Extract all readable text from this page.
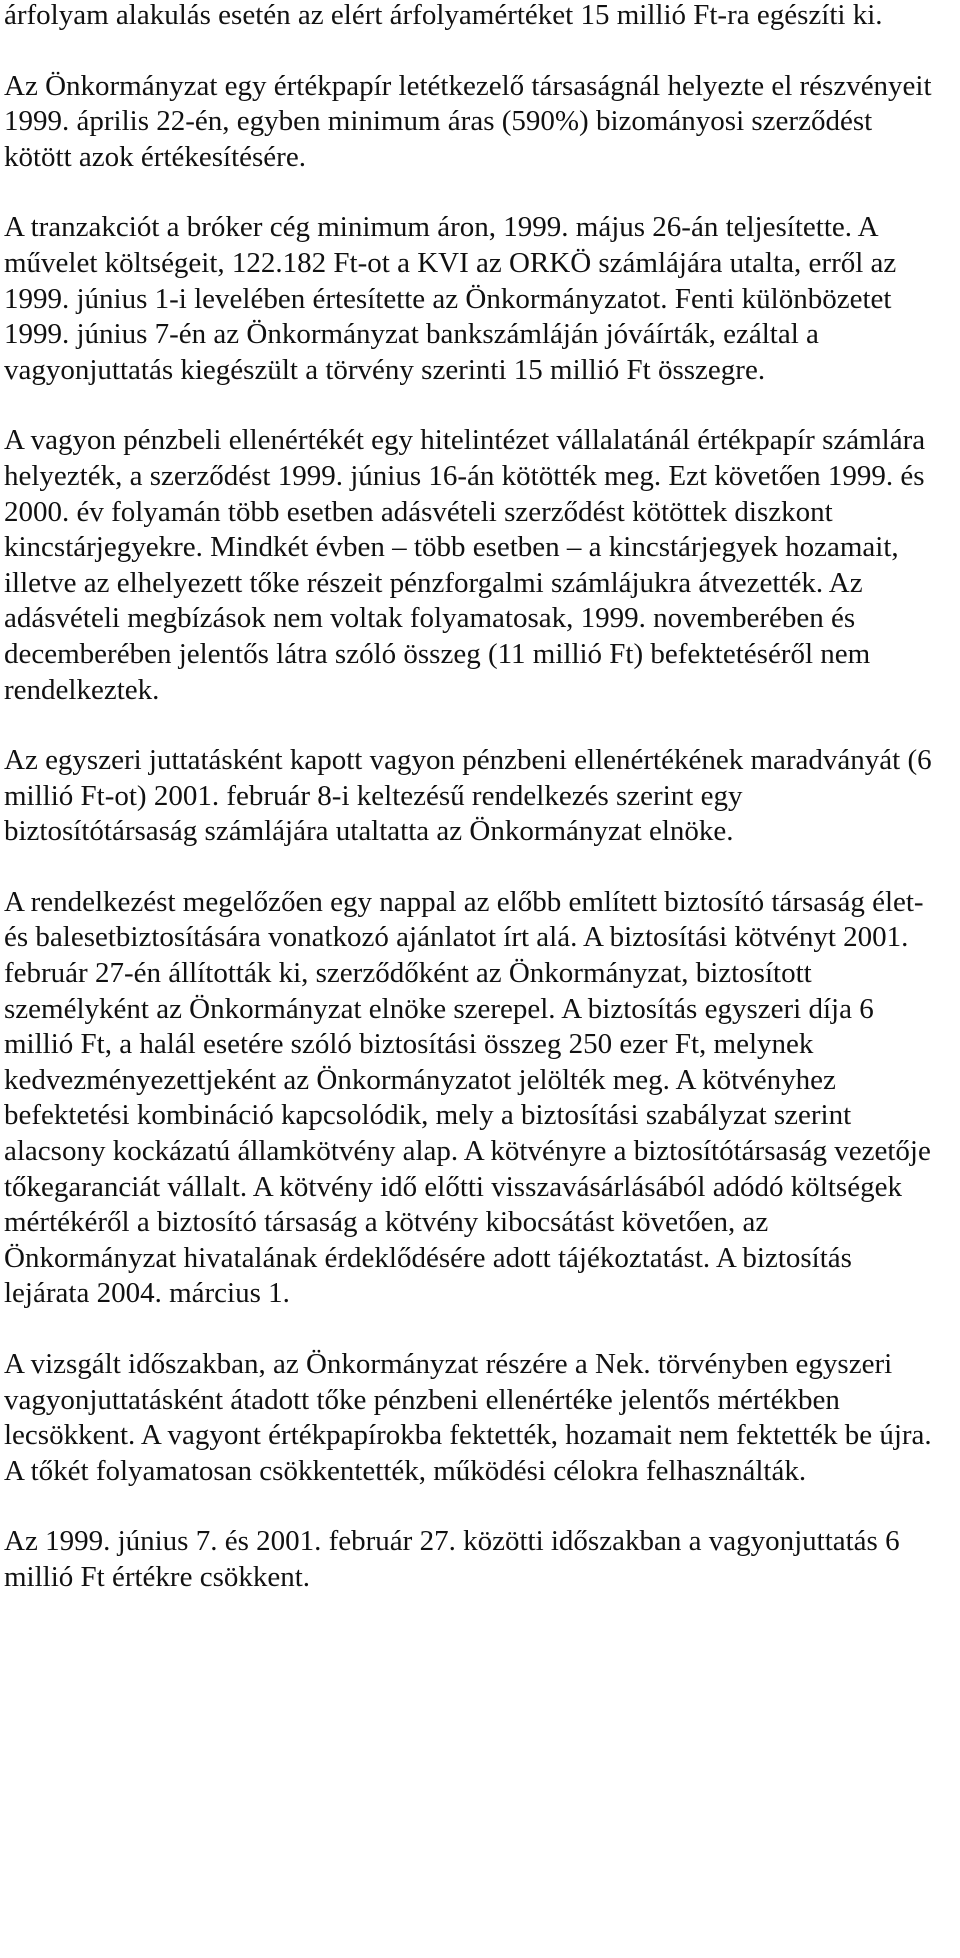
árfolyam alakulás esetén az elért árfolyamértéket 15 millió Ft-ra egészíti ki.

Az Önkormányzat egy értékpapír letétkezelő társaságnál helyezte el részvényeit 1999. április 22-én, egyben minimum áras (590%) bizományosi szerződést kötött azok értékesítésére.

A tranzakciót a bróker cég minimum áron, 1999. május 26-án teljesítette. A művelet költségeit, 122.182 Ft-ot a KVI az ORKÖ számlájára utalta, erről az 1999. június 1-i levelében értesítette az Önkormányzatot. Fenti különbözetet 1999. június 7-én az Önkormányzat bankszámláján jóváírták, ezáltal a vagyonjuttatás kiegészült a törvény szerinti 15 millió Ft összegre.

A vagyon pénzbeli ellenértékét egy hitelintézet vállalatánál értékpapír számlára helyezték, a szerződést 1999. június 16-án kötötték meg. Ezt követően 1999. és 2000. év folyamán több esetben adásvételi szerződést kötöttek diszkont kincstárjegyekre. Mindkét évben – több esetben – a kincstárjegyek hozamait, illetve az elhelyezett tőke részeit pénzforgalmi számlájukra átvezették. Az adásvételi megbízások nem voltak folyamatosak, 1999. novemberében és decemberében jelentős látra szóló összeg (11 millió Ft) befektetéséről nem rendelkeztek.

Az egyszeri juttatásként kapott vagyon pénzbeni ellenértékének maradványát (6 millió Ft-ot) 2001. február 8-i keltezésű rendelkezés szerint egy biztosítótársaság számlájára utaltatta az Önkormányzat elnöke.

A rendelkezést megelőzően egy nappal az előbb említett biztosító társaság élet- és balesetbiztosítására vonatkozó ajánlatot írt alá. A biztosítási kötvényt 2001. február 27-én állították ki, szerződőként az Önkormányzat, biztosított személyként az Önkormányzat elnöke szerepel. A biztosítás egyszeri díja 6 millió Ft, a halál esetére szóló biztosítási összeg 250 ezer Ft, melynek kedvezményezettjeként az Önkormányzatot jelölték meg. A kötvényhez befektetési kombináció kapcsolódik, mely a biztosítási szabályzat szerint alacsony kockázatú államkötvény alap. A kötvényre a biztosítótársaság vezetője tőkegaranciát vállalt. A kötvény idő előtti visszavásárlásából adódó költségek mértékéről a biztosító társaság a kötvény kibocsátást követően, az Önkormányzat hivatalának érdeklődésére adott tájékoztatást. A biztosítás lejárata 2004. március 1.

A vizsgált időszakban, az Önkormányzat részére a Nek. törvényben egyszeri vagyonjuttatásként átadott tőke pénzbeni ellenértéke jelentős mértékben lecsökkent. A vagyont értékpapírokba fektették, hozamait nem fektették be újra. A tőkét folyamatosan csökkentették, működési célokra felhasználták.

Az 1999. június 7. és 2001. február 27. közötti időszakban a vagyonjuttatás 6 millió Ft értékre csökkent.
